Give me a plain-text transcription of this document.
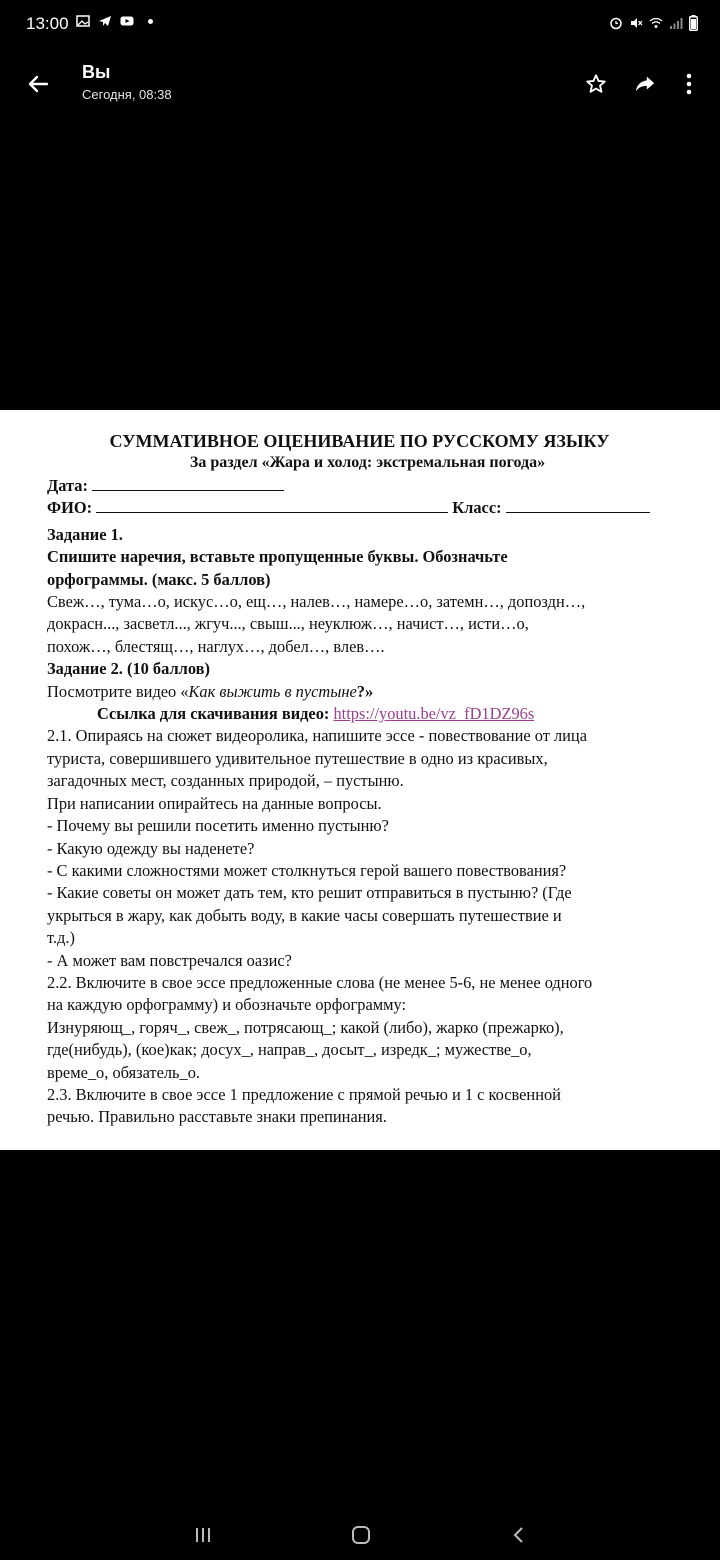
13:00
Вы
Сегодня, 08:38
СУММАТИВНОЕ ОЦЕНИВАНИЕ ПО РУССКОМУ ЯЗЫКУ
За раздел «Жара и холод: экстремальная погода»
Дата:
ФИО:	Класс:
Задание 1.
Спишите наречия, вставьте пропущенные буквы. Обозначьте
орфограммы. (макс. 5 баллов)
Свеж…, тума…о, искус…о, ещ…, налев…, намере…о, затемн…, допоздн…,
докрасн..., засветл..., жгуч..., свыш..., неуклюж…, начист…, исти…о,
похож…, блестящ…, наглух…, добел…, влев….
Задание 2. (10 баллов)
Посмотрите видео «Как выжить в пустыне?»
Ссылка для скачивания видео: https://youtu.be/vz_fD1DZ96s
2.1. Опираясь на сюжет видеоролика, напишите эссе - повествование от лица
туриста, совершившего удивительное путешествие в одно из красивых,
загадочных мест, созданных природой, – пустыню.
При написании опирайтесь на данные вопросы.
- Почему вы решили посетить именно пустыню?
- Какую одежду вы наденете?
- С какими сложностями может столкнуться герой вашего повествования?
- Какие советы он может дать тем, кто решит отправиться в пустыню? (Где
укрыться в жару, как добыть воду, в какие часы совершать путешествие и
т.д.)
- А может вам повстречался оазис?
2.2. Включите в свое эссе предложенные слова (не менее 5-6, не менее одного
на каждую орфограмму) и обозначьте орфограмму:
Изнуряющ_, горяч_, свеж_, потрясающ_; какой (либо), жарко (прежарко),
где(нибудь), (кое)как; досух_, направ_, досыт_, изредк_; мужестве_о,
време_о, обязатель_о.
2.3. Включите в свое эссе 1 предложение с прямой речью и 1 с косвенной
речью. Правильно расставьте знаки препинания.
